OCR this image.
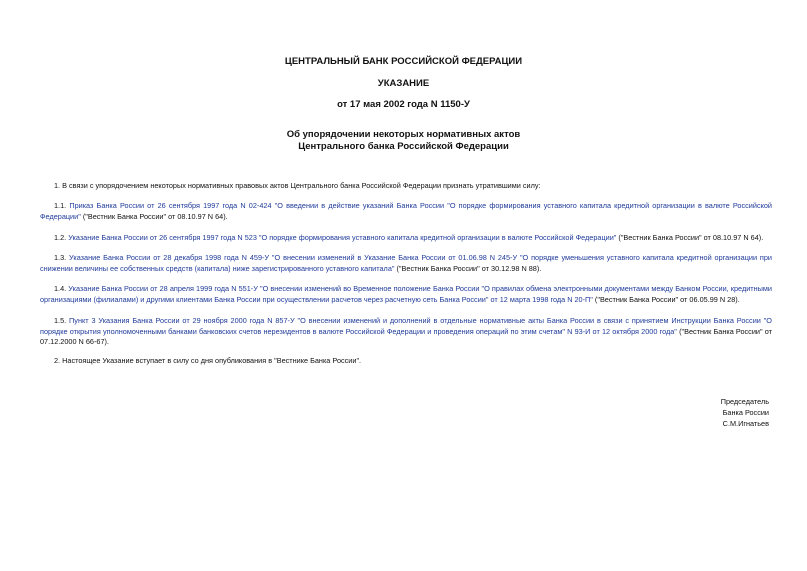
ЦЕНТРАЛЬНЫЙ БАНК РОССИЙСКОЙ ФЕДЕРАЦИИ
УКАЗАНИЕ
от 17 мая 2002 года N 1150-У
Об упорядочении некоторых нормативных актов
Центрального банка Российской Федерации
1. В связи с упорядочением некоторых нормативных правовых актов Центрального банка Российской Федерации признать утратившими силу:
1.1. Приказ Банка России от 26 сентября 1997 года N 02-424 "О введении в действие указаний Банка России "О порядке формирования уставного капитала кредитной организации в валюте Российской Федерации" ("Вестник Банка России" от 08.10.97 N 64).
1.2. Указание Банка России от 26 сентября 1997 года N 523 "О порядке формирования уставного капитала кредитной организации в валюте Российской Федерации" ("Вестник Банка России" от 08.10.97 N 64).
1.3. Указание Банка России от 28 декабря 1998 года N 459-У "О внесении изменений в Указание Банка России от 01.06.98 N 245-У "О порядке уменьшения уставного капитала кредитной организации при снижении величины ее собственных средств (капитала) ниже зарегистрированного уставного капитала" ("Вестник Банка России" от 30.12.98 N 88).
1.4. Указание Банка России от 28 апреля 1999 года N 551-У "О внесении изменений во Временное положение Банка России "О правилах обмена электронными документами между Банком России, кредитными организациями (филиалами) и другими клиентами Банка России при осуществлении расчетов через расчетную сеть Банка России" от 12 марта 1998 года N 20-П" ("Вестник Банка России" от 06.05.99 N 28).
1.5. Пункт 3 Указания Банка России от 29 ноября 2000 года N 857-У "О внесении изменений и дополнений в отдельные нормативные акты Банка России в связи с принятием Инструкции Банка России "О порядке открытия уполномоченными банками банковских счетов нерезидентов в валюте Российской Федерации и проведения операций по этим счетам" N 93-И от 12 октября 2000 года" ("Вестник Банка России" от 07.12.2000 N 66-67).
2. Настоящее Указание вступает в силу со дня опубликования в "Вестнике Банка России".
Председатель
Банка России
С.М.Игнатьев
